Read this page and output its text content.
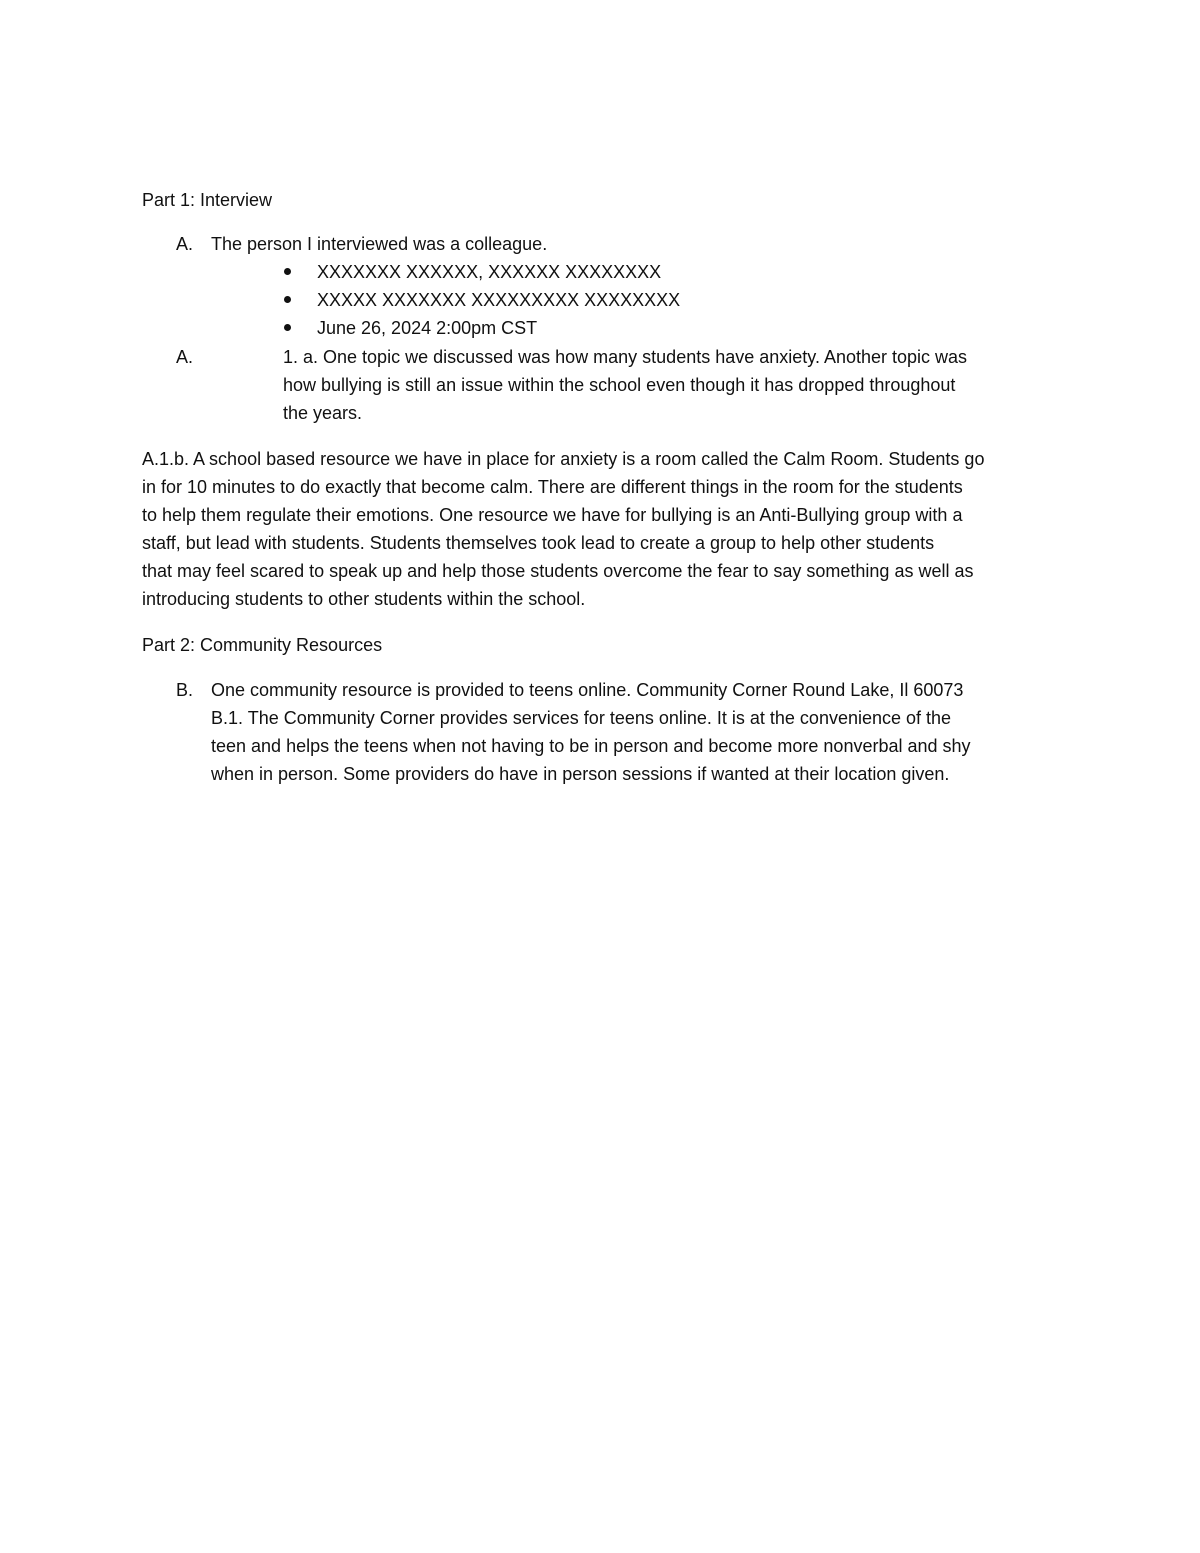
Part 1: Interview
A. The person I interviewed was a colleague.
XXXXXXX XXXXXX, XXXXXX XXXXXXXX
XXXXX XXXXXXX XXXXXXXXX XXXXXXXX
June 26, 2024 2:00pm CST
A.	1. a. One topic we discussed was how many students have anxiety. Another topic was
how bullying is still an issue within the school even though it has dropped throughout
the years.
A.1.b. A school based resource we have in place for anxiety is a room called the Calm Room. Students go
in for 10 minutes to do exactly that become calm. There are different things in the room for the students
to help them regulate their emotions. One resource we have for bullying is an Anti-Bullying group with a
staff, but lead with students. Students themselves took lead to create a group to help other students
that may feel scared to speak up and help those students overcome the fear to say something as well as
introducing students to other students within the school.
Part 2: Community Resources
B. One community resource is provided to teens online. Community Corner Round Lake, Il 60073
B.1. The Community Corner provides services for teens online. It is at the convenience of the
teen and helps the teens when not having to be in person and become more nonverbal and shy
when in person. Some providers do have in person sessions if wanted at their location given.
